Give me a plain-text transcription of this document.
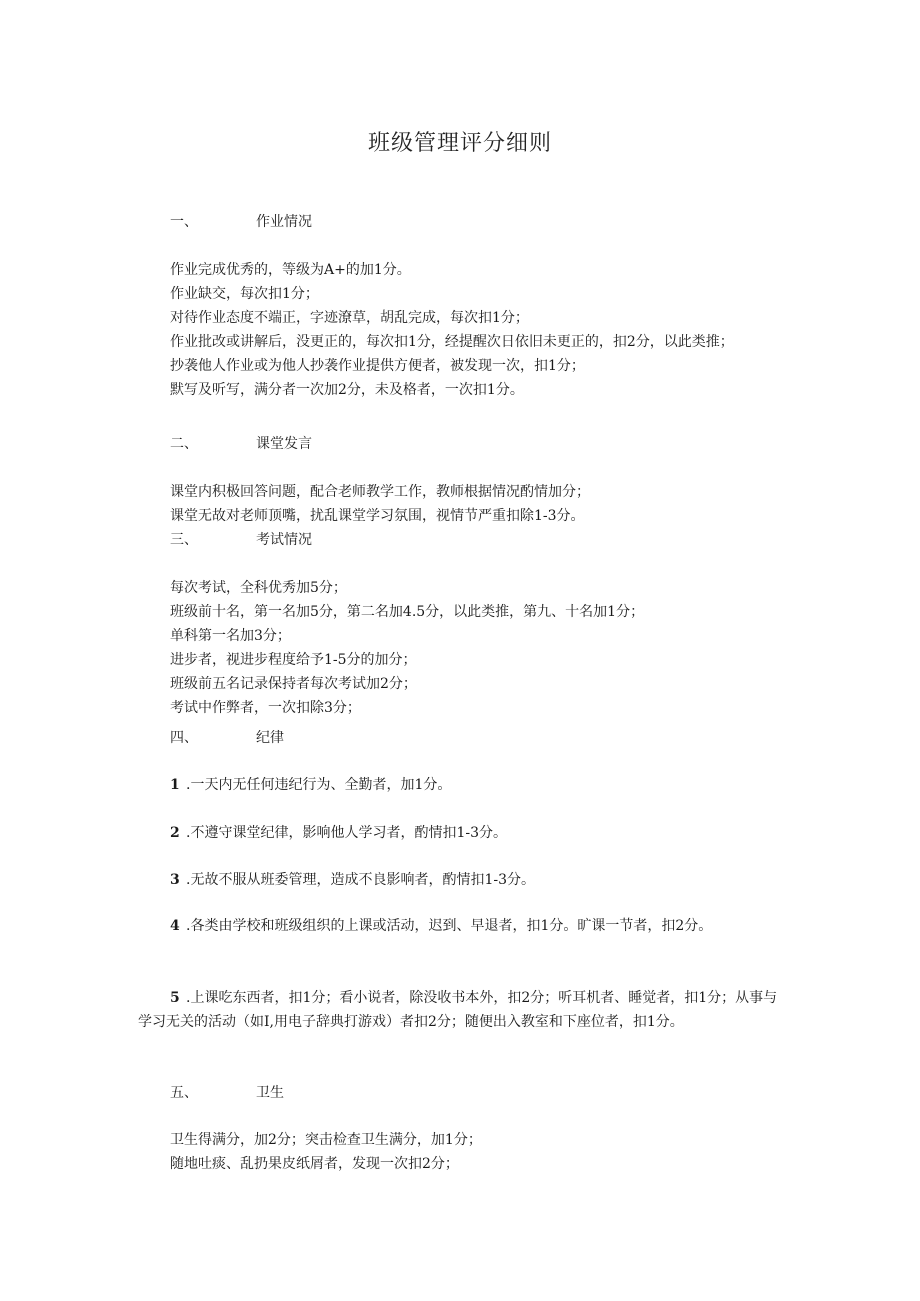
班级管理评分细则
一、	作业情况

作业完成优秀的，等级为A+的加1分。

作业缺交，每次扣1分；

对待作业态度不端正，字迹潦草，胡乱完成，每次扣1分；

作业批改或讲解后，没更正的，每次扣1分，经提醒次日依旧未更正的，扣2分，以此类推；

抄袭他人作业或为他人抄袭作业提供方便者，被发现一次，扣1分；

默写及听写，满分者一次加2分，未及格者，一次扣1分。

二、	课堂发言

课堂内积极回答问题，配合老师教学工作，教师根据情况酌情加分；

课堂无故对老师顶嘴，扰乱课堂学习氛围，视情节严重扣除1-3分。

三、	考试情况

每次考试，全科优秀加5分；

班级前十名，第一名加5分，第二名加4.5分，以此类推，第九、十名加1分；

单科第一名加3分；

进步者，视进步程度给予1-5分的加分；

班级前五名记录保持者每次考试加2分；

考试中作弊者，一次扣除3分；

四、	纪律
1 .一天内无任何违纪行为、全勤者，加1分。
2 .不遵守课堂纪律，影响他人学习者，酌情扣1-3分。
3 .无故不服从班委管理，造成不良影响者，酌情扣1-3分。
4 .各类由学校和班级组织的上课或活动，迟到、早退者，扣1分。旷课一节者，扣2分。
5 .上课吃东西者，扣1分；看小说者，除没收书本外，扣2分；听耳机者、睡觉者，扣1分；从事与学习无关的活动（如I,用电子辞典打游戏）者扣2分；随便出入教室和下座位者，扣1分。
五、	卫生

卫生得满分，加2分；突击检查卫生满分，加1分；

随地吐痰、乱扔果皮纸屑者，发现一次扣2分；
